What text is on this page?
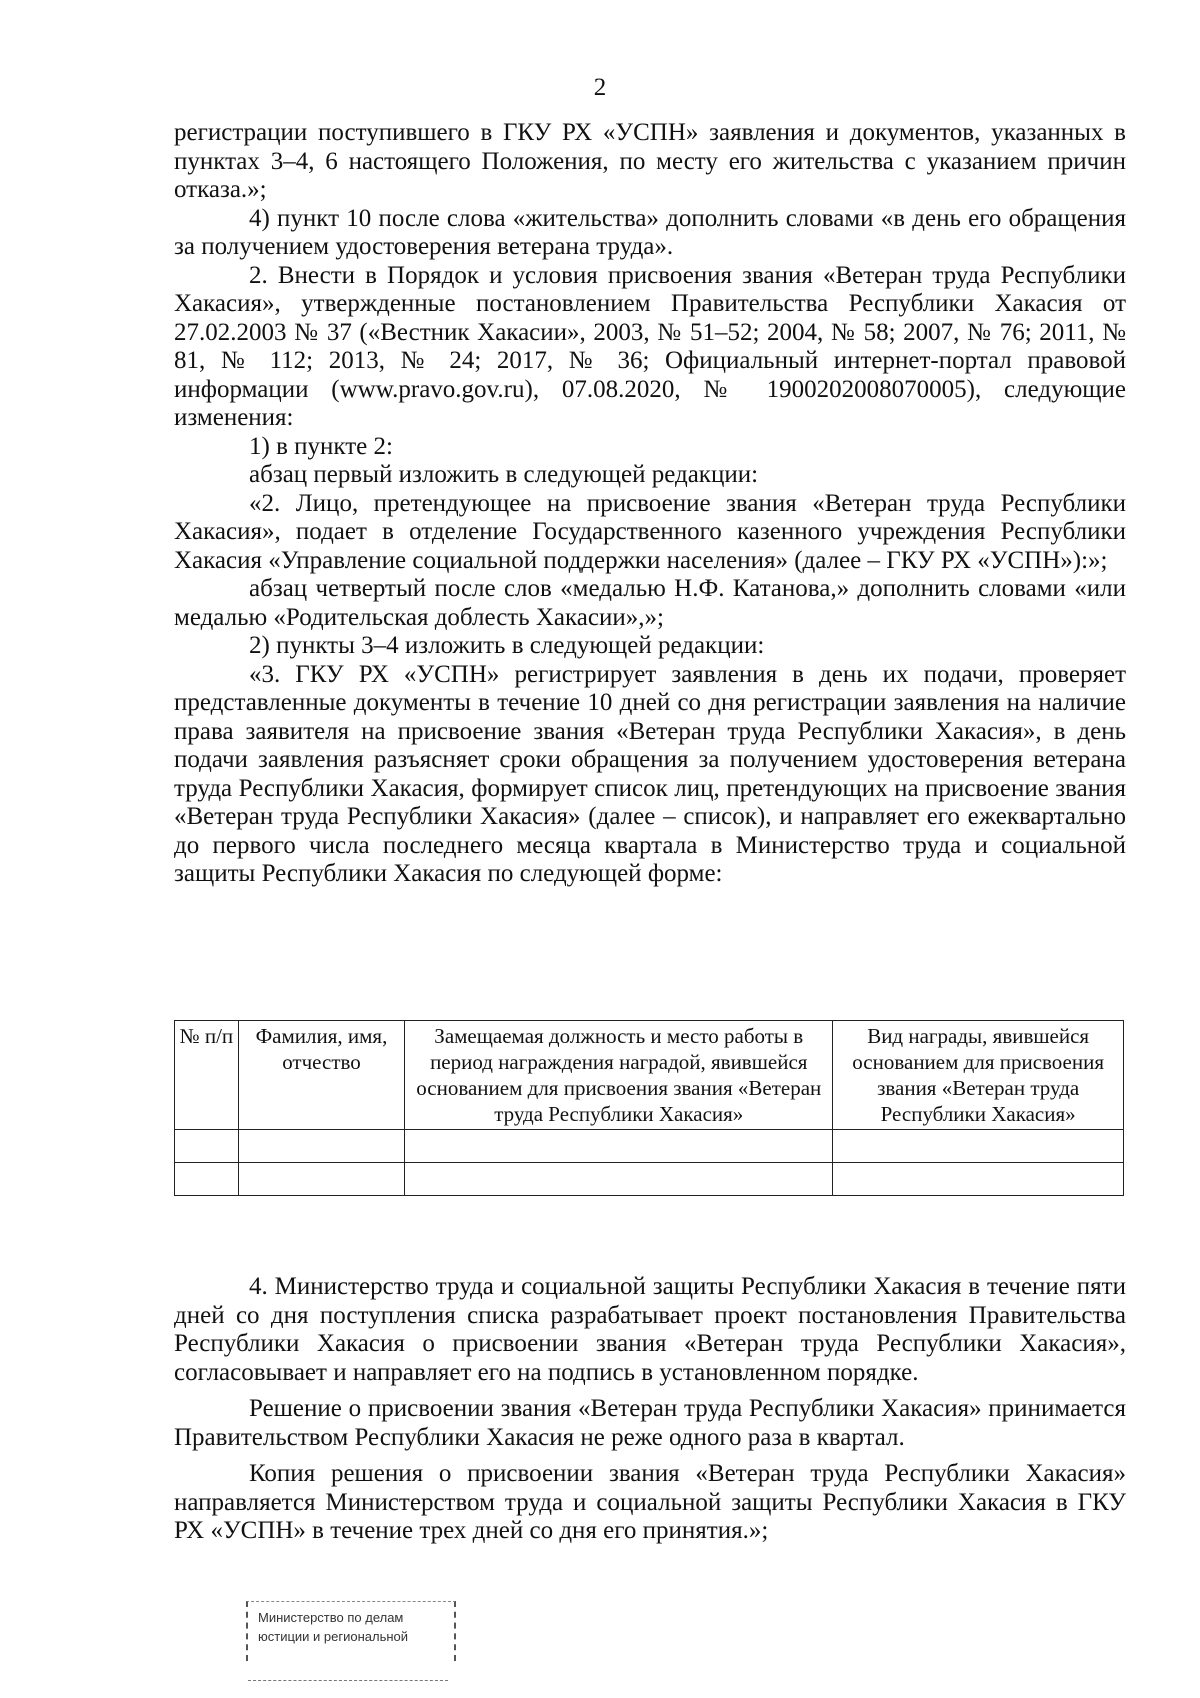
2

регистрации поступившего в ГКУ РХ «УСПН» заявления и документов, указанных в пунктах 3–4, 6 настоящего Положения, по месту его жительства с указанием причин отказа.»;

4) пункт 10 после слова «жительства» дополнить словами «в день его обращения за получением удостоверения ветерана труда».

2. Внести в Порядок и условия присвоения звания «Ветеран труда Республики Хакасия», утвержденные постановлением Правительства Республики Хакасия от 27.02.2003 № 37 («Вестник Хакасии», 2003, № 51–52; 2004, № 58; 2007, № 76; 2011, № 81, № 112; 2013, № 24; 2017, № 36; Официальный интернет-портал правовой информации (www.pravo.gov.ru), 07.08.2020, № 1900202008070005), следующие изменения:

1) в пункте 2:

абзац первый изложить в следующей редакции:

«2. Лицо, претендующее на присвоение звания «Ветеран труда Республики Хакасия», подает в отделение Государственного казенного учреждения Республики Хакасия «Управление социальной поддержки населения» (далее – ГКУ РХ «УСПН»):»;

абзац четвертый после слов «медалью Н.Ф. Катанова,» дополнить словами «или медалью «Родительская доблесть Хакасии»,»;

2) пункты 3–4 изложить в следующей редакции:

«3. ГКУ РХ «УСПН» регистрирует заявления в день их подачи, проверяет представленные документы в течение 10 дней со дня регистрации заявления на наличие права заявителя на присвоение звания «Ветеран труда Республики Хакасия», в день подачи заявления разъясняет сроки обращения за получением удостоверения ветерана труда Республики Хакасия, формирует список лиц, претендующих на присвоение звания «Ветеран труда Республики Хакасия» (далее – список), и направляет его ежеквартально до первого числа последнего месяца квартала в Министерство труда и социальной защиты Республики Хакасия по следующей форме:

№ п/п	Фамилия, имя, отчество	Замещаемая должность и место работы в период награждения наградой, явившейся основанием для присвоения звания «Ветеран труда Республики Хакасия»	Вид награды, явившейся основанием для присвоения звания «Ветеран труда Республики Хакасия»

4. Министерство труда и социальной защиты Республики Хакасия в течение пяти дней со дня поступления списка разрабатывает проект постановления Правительства Республики Хакасия о присвоении звания «Ветеран труда Республики Хакасия», согласовывает и направляет его на подпись в установленном порядке.

Решение о присвоении звания «Ветеран труда Республики Хакасия» принимается Правительством Республики Хакасия не реже одного раза в квартал.

Копия решения о присвоении звания «Ветеран труда Республики Хакасия» направляется Министерством труда и социальной защиты Республики Хакасия в ГКУ РХ «УСПН» в течение трех дней со дня его принятия.»;

Министерство по делам
юстиции и региональной
